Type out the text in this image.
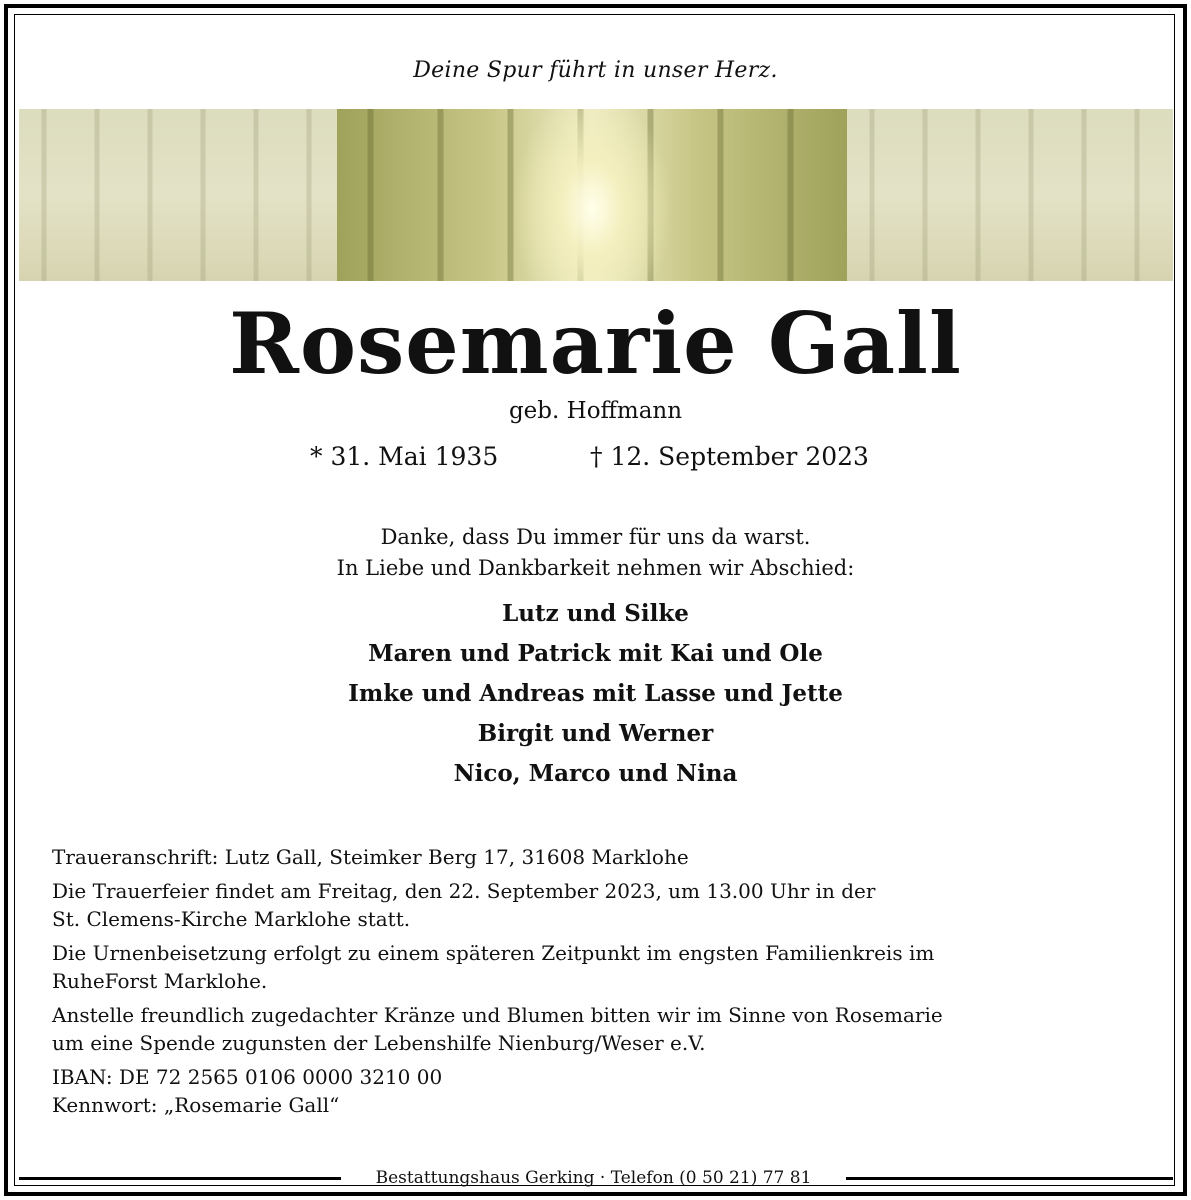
Deine Spur führt in unser Herz.
Rosemarie Gall
geb. Hoffmann
* 31. Mai 1935	† 12. September 2023
Danke, dass Du immer für uns da warst.
In Liebe und Dankbarkeit nehmen wir Abschied:
Lutz und Silke
Maren und Patrick mit Kai und Ole
Imke und Andreas mit Lasse und Jette
Birgit und Werner
Nico, Marco und Nina

Traueranschrift: Lutz Gall, Steimker Berg 17, 31608 Marklohe

Die Trauerfeier findet am Freitag, den 22. September 2023, um 13.00 Uhr in der
St. Clemens-Kirche Marklohe statt.

Die Urnenbeisetzung erfolgt zu einem späteren Zeitpunkt im engsten Familienkreis im
RuheForst Marklohe.

Anstelle freundlich zugedachter Kränze und Blumen bitten wir im Sinne von Rosemarie
um eine Spende zugunsten der Lebenshilfe Nienburg/Weser e.V.

IBAN: DE 72 2565 0106 0000 3210 00
Kennwort: „Rosemarie Gall“

Bestattungshaus Gerking · Telefon (0 50 21) 77 81
